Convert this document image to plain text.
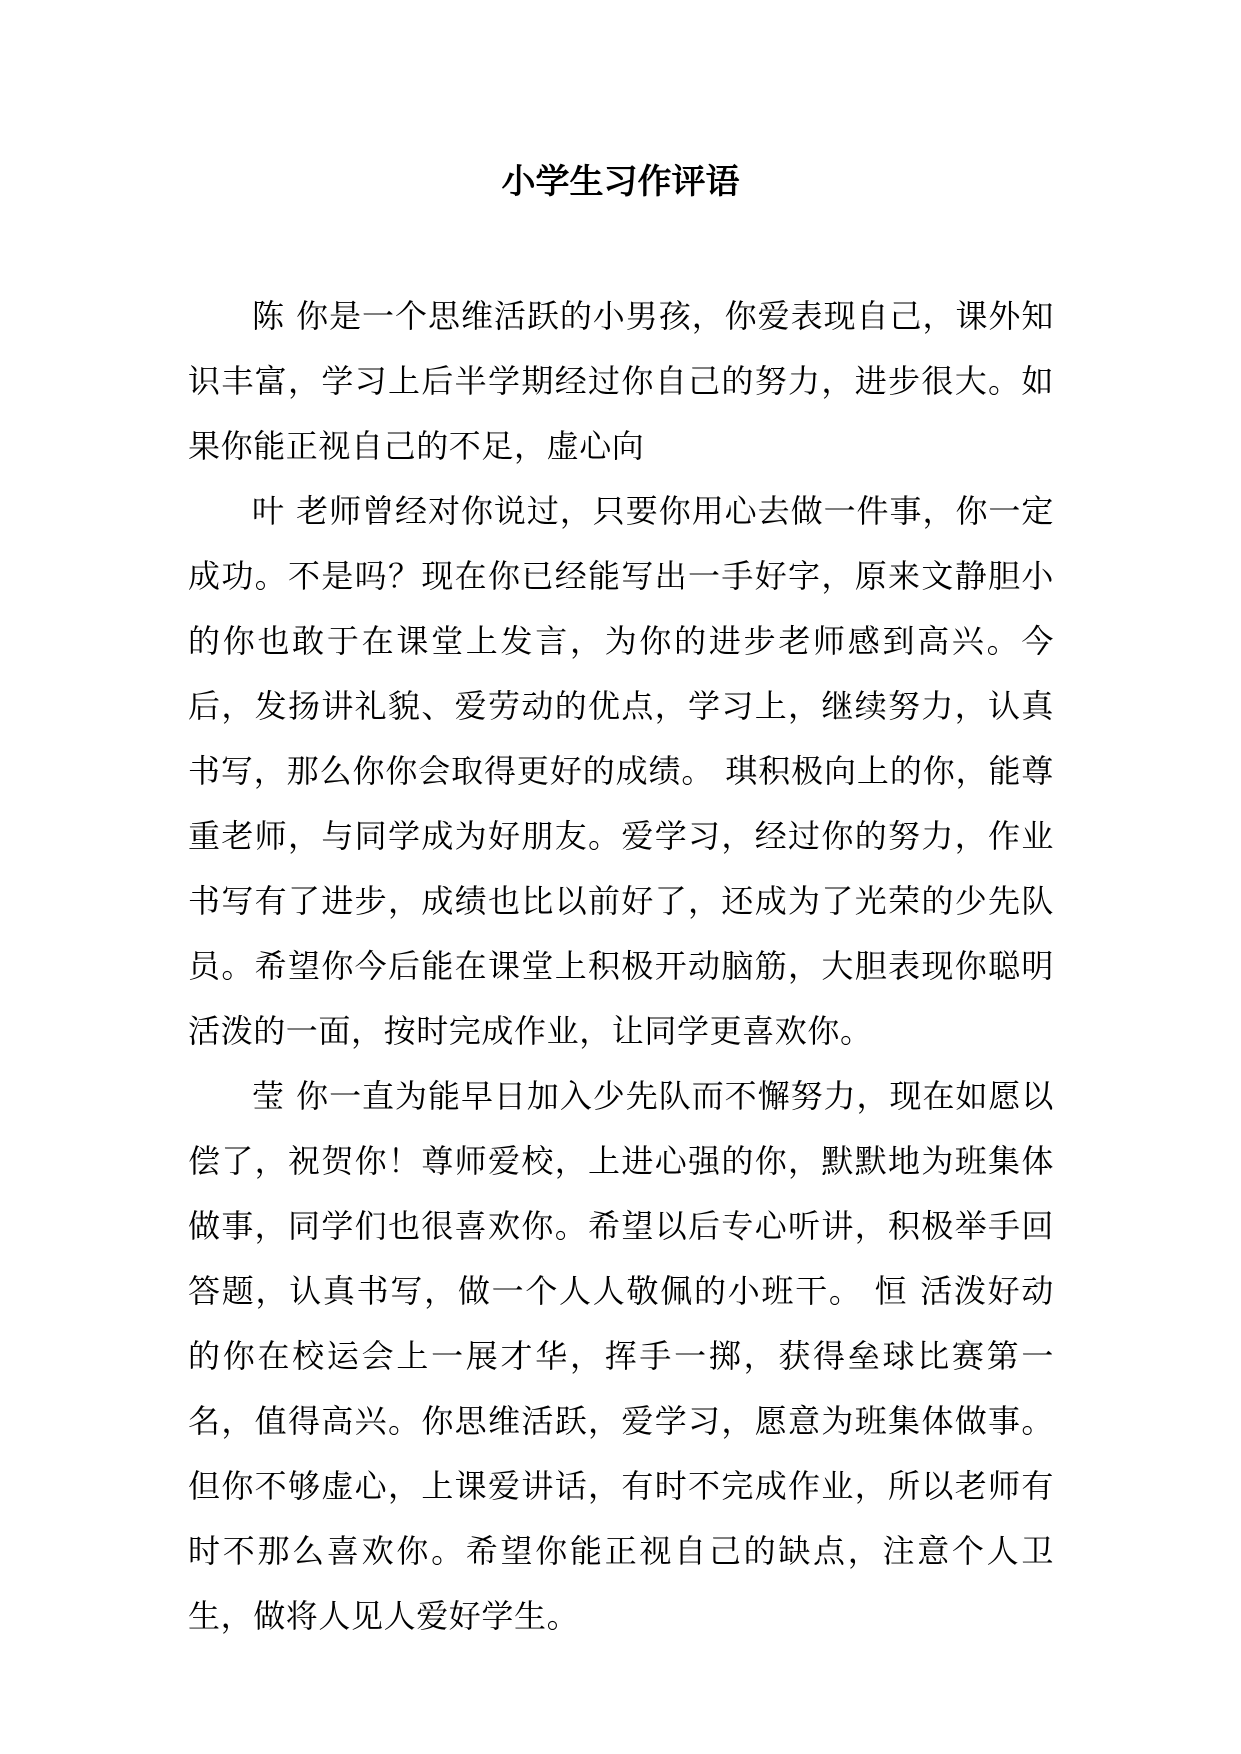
小学生习作评语

陈 你是一个思维活跃的小男孩，你爱表现自己，课外知识丰富，学习上后半学期经过你自己的努力，进步很大。如果你能正视自己的不足，虚心向

叶 老师曾经对你说过，只要你用心去做一件事，你一定成功。不是吗？现在你已经能写出一手好字，原来文静胆小的你也敢于在课堂上发言，为你的进步老师感到高兴。今后，发扬讲礼貌、爱劳动的优点，学习上，继续努力，认真书写，那么你你会取得更好的成绩。 琪积极向上的你，能尊重老师，与同学成为好朋友。爱学习，经过你的努力，作业书写有了进步，成绩也比以前好了，还成为了光荣的少先队员。希望你今后能在课堂上积极开动脑筋，大胆表现你聪明活泼的一面，按时完成作业，让同学更喜欢你。

莹 你一直为能早日加入少先队而不懈努力，现在如愿以偿了，祝贺你！尊师爱校，上进心强的你，默默地为班集体做事，同学们也很喜欢你。希望以后专心听讲，积极举手回答题，认真书写，做一个人人敬佩的小班干。 恒 活泼好动的你在校运会上一展才华，挥手一掷，获得垒球比赛第一名，值得高兴。你思维活跃，爱学习，愿意为班集体做事。但你不够虚心，上课爱讲话，有时不完成作业，所以老师有时不那么喜欢你。希望你能正视自己的缺点，注意个人卫生，做将人见人爱好学生。
